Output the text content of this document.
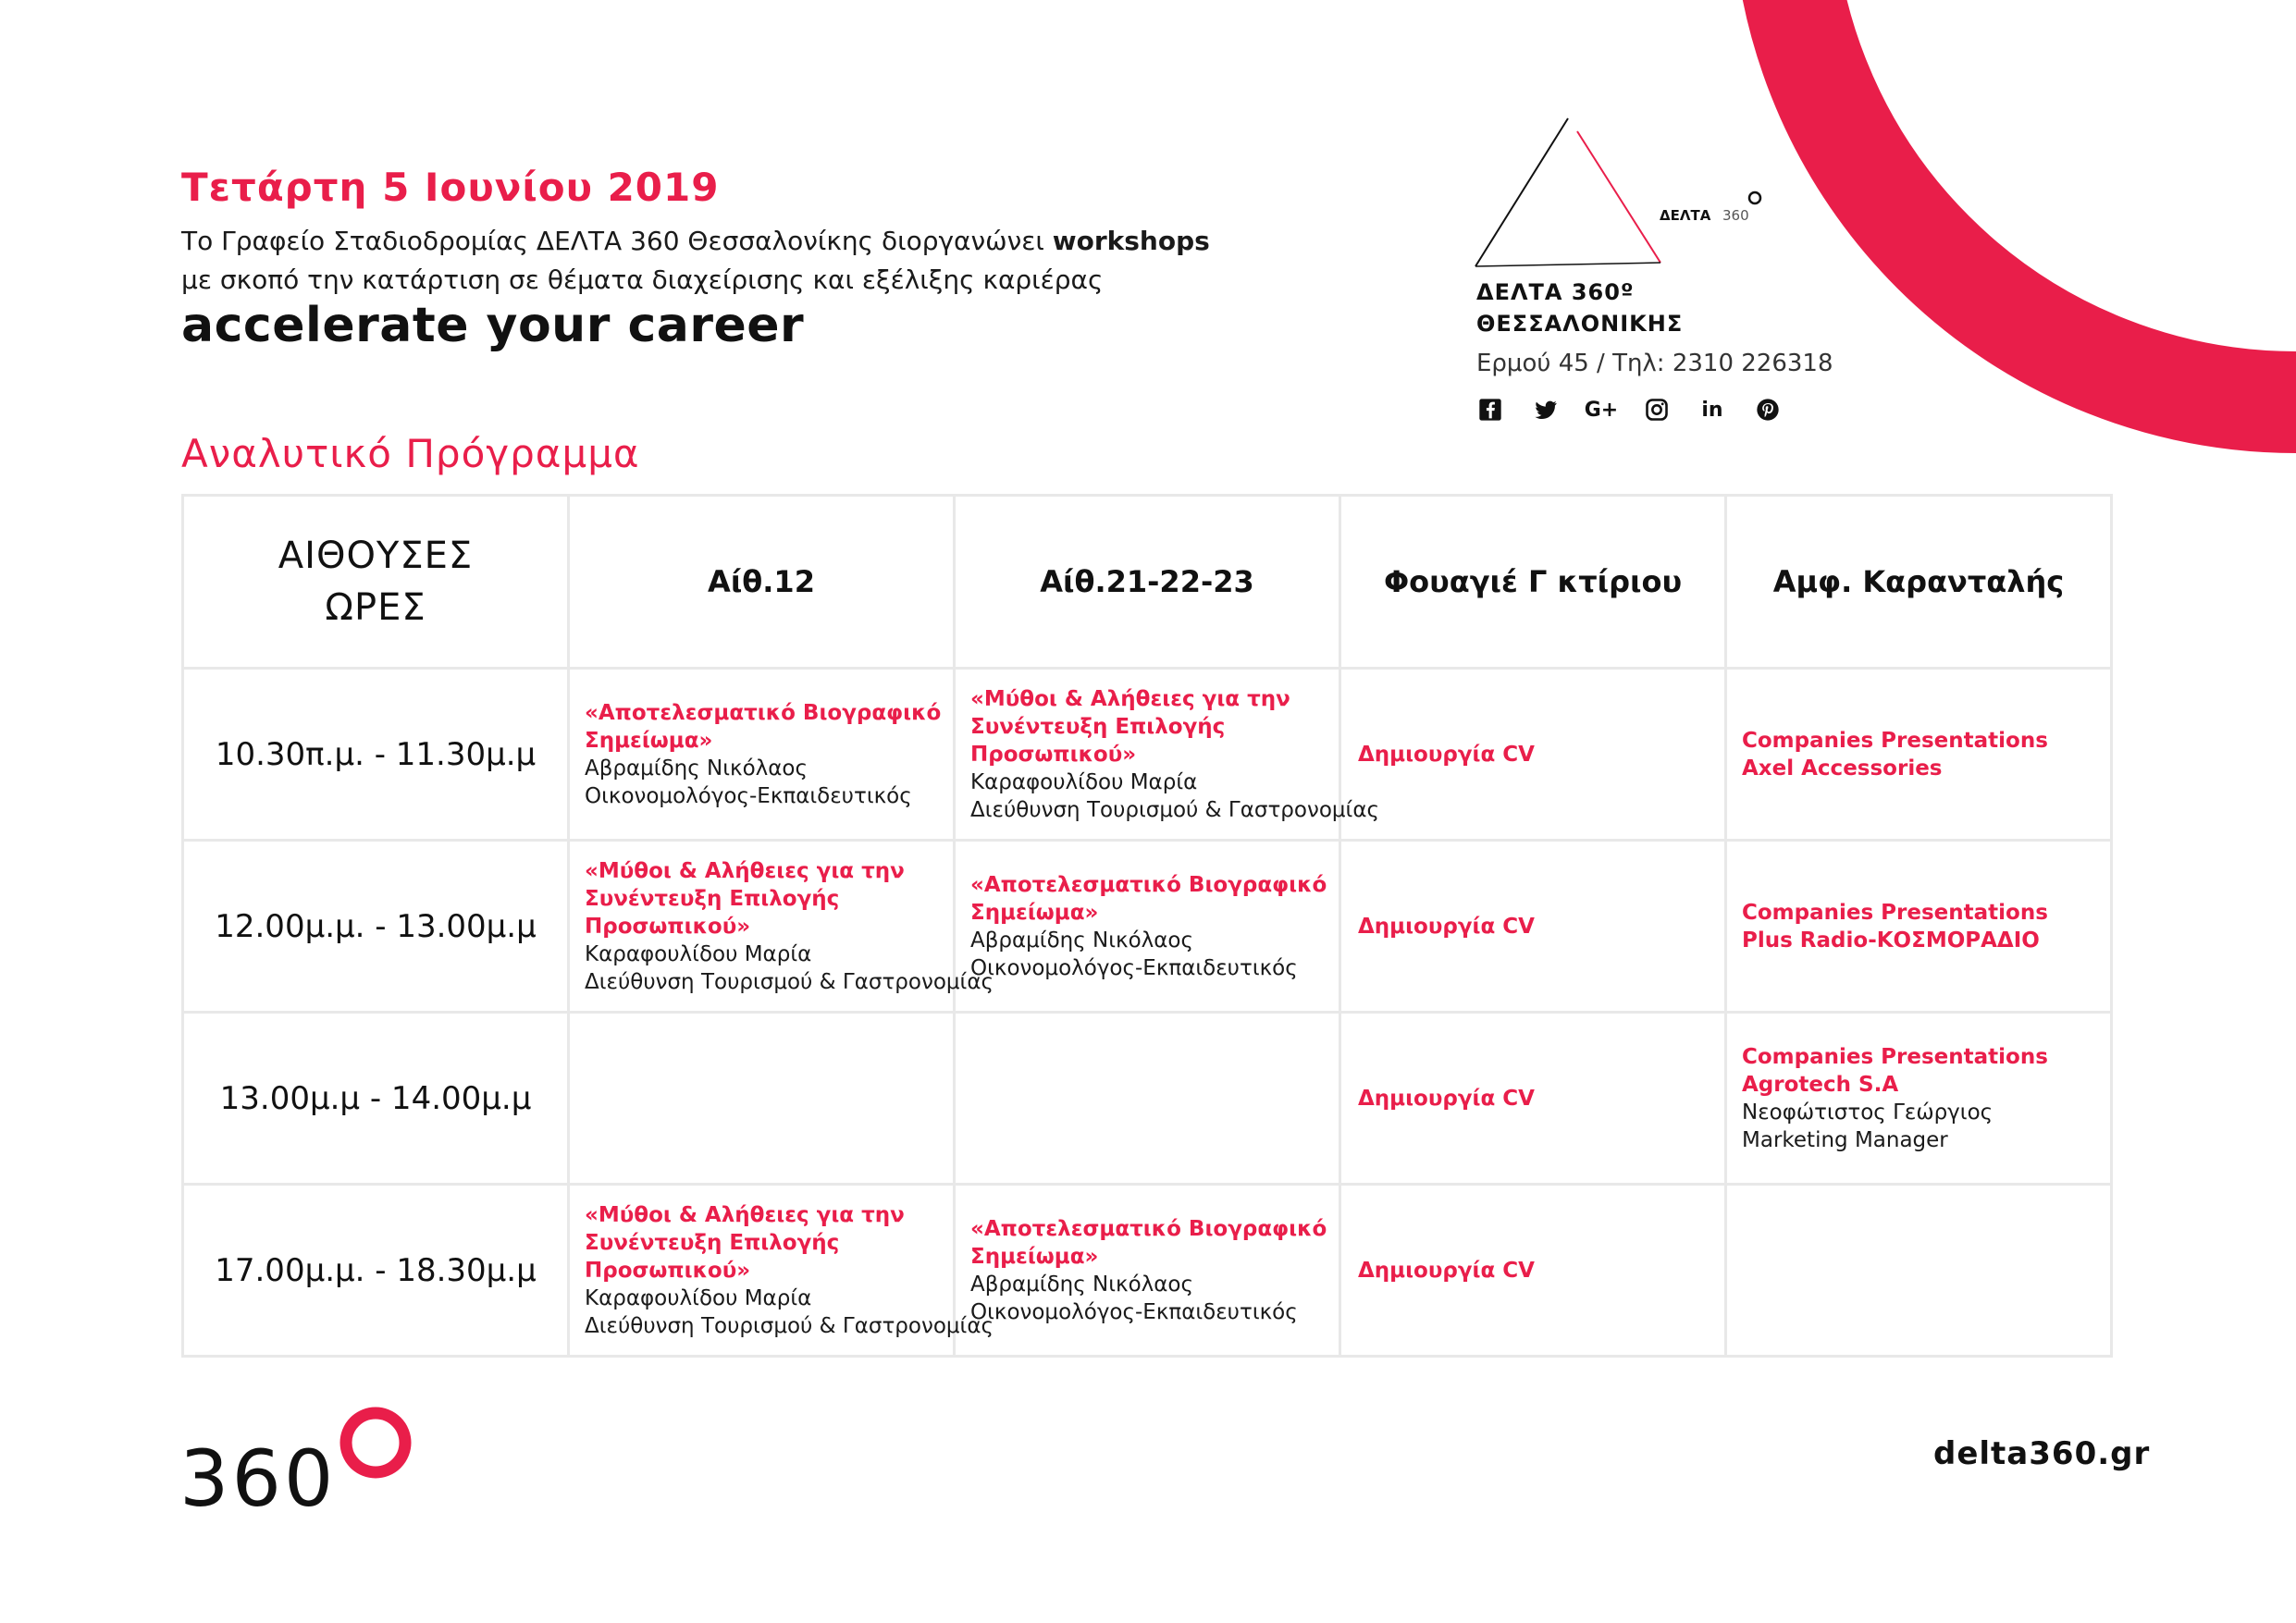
Τετάρτη 5 Ιουνίου 2019
Το Γραφείο Σταδιοδρομίας ΔΕΛΤΑ 360 Θεσσαλονίκης διοργανώνει workshops
με σκοπό την κατάρτιση σε θέματα διαχείρισης και εξέλιξης καριέρας
accelerate your career
Αναλυτικό Πρόγραμμα
ΔΕΛΤΑ 360
ΔΕΛΤΑ 360º
ΘΕΣΣΑΛΟΝΙΚΗΣ
Ερμού 45 / Τηλ: 2310 226318
G+	in
ΑΙΘΟΥΣΕΣ
ΩΡΕΣ	Αίθ.12	Αίθ.21-22-23	Φουαγιέ Γ κτίριου	Αμφ. Καρανταλής
10.30π.μ. - 11.30μ.μ	«Αποτελεσματικό Βιογραφικό
Σημείωμα»
Αβραμίδης Νικόλαος
Οικονομολόγος-Εκπαιδευτικός	«Μύθοι & Αλήθειες για την
Συνέντευξη Επιλογής
Προσωπικού»
Καραφουλίδου Μαρία
Διεύθυνση Τουρισμού & Γαστρονομίας	Δημιουργία CV	Companies Presentations
Axel Accessories

12.00μ.μ. - 13.00μ.μ	«Μύθοι & Αλήθειες για την
Συνέντευξη Επιλογής
Προσωπικού»
Καραφουλίδου Μαρία
Διεύθυνση Τουρισμού & Γαστρονομίας	«Αποτελεσματικό Βιογραφικό
Σημείωμα»
Αβραμίδης Νικόλαος
Οικονομολόγος-Εκπαιδευτικός	Δημιουργία CV	Companies Presentations
Plus Radio-ΚΟΣΜΟΡΑΔΙΟ

13.00μ.μ - 14.00μ.μ			Δημιουργία CV	Companies Presentations
Agrotech S.A
Νεοφώτιστος Γεώργιος
Marketing Manager

17.00μ.μ. - 18.30μ.μ	«Μύθοι & Αλήθειες για την
Συνέντευξη Επιλογής
Προσωπικού»
Καραφουλίδου Μαρία
Διεύθυνση Τουρισμού & Γαστρονομίας	«Αποτελεσματικό Βιογραφικό
Σημείωμα»
Αβραμίδης Νικόλαος
Οικονομολόγος-Εκπαιδευτικός	Δημιουργία CV	

360	delta360.gr
